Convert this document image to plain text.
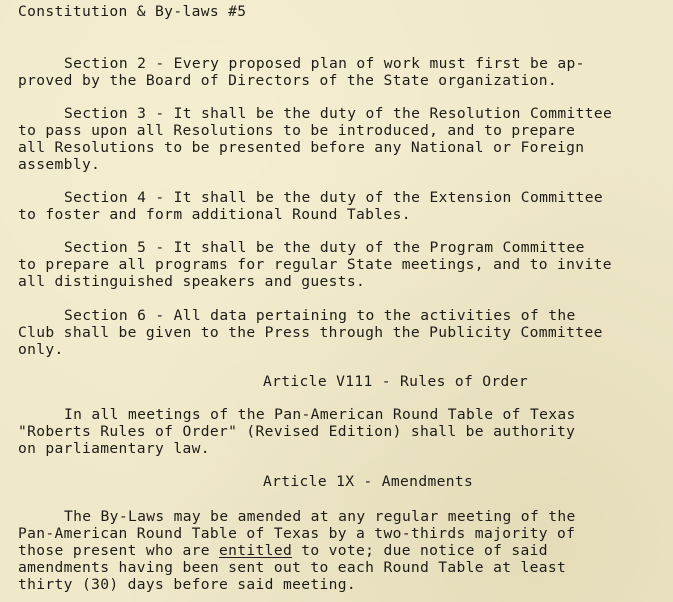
Constitution & By-laws #5
Section 2 - Every proposed plan of work must first be ap-
proved by the Board of Directors of the State organization.
Section 3 - It shall be the duty of the Resolution Committee
to pass upon all Resolutions to be introduced, and to prepare
all Resolutions to be presented before any National or Foreign
assembly.
Section 4 - It shall be the duty of the Extension Committee
to foster and form additional Round Tables.
Section 5 - It shall be the duty of the Program Committee
to prepare all programs for regular State meetings, and to invite
all distinguished speakers and guests.
Section 6 - All data pertaining to the activities of the
Club shall be given to the Press through the Publicity Committee
only.
Article V111 - Rules of Order
In all meetings of the Pan-American Round Table of Texas
"Roberts Rules of Order" (Revised Edition) shall be authority
on parliamentary law.
Article 1X - Amendments
The By-Laws may be amended at any regular meeting of the
Pan-American Round Table of Texas by a two-thirds majority of
those present who are entitled to vote; due notice of said
amendments having been sent out to each Round Table at least
thirty (30) days before said meeting.
